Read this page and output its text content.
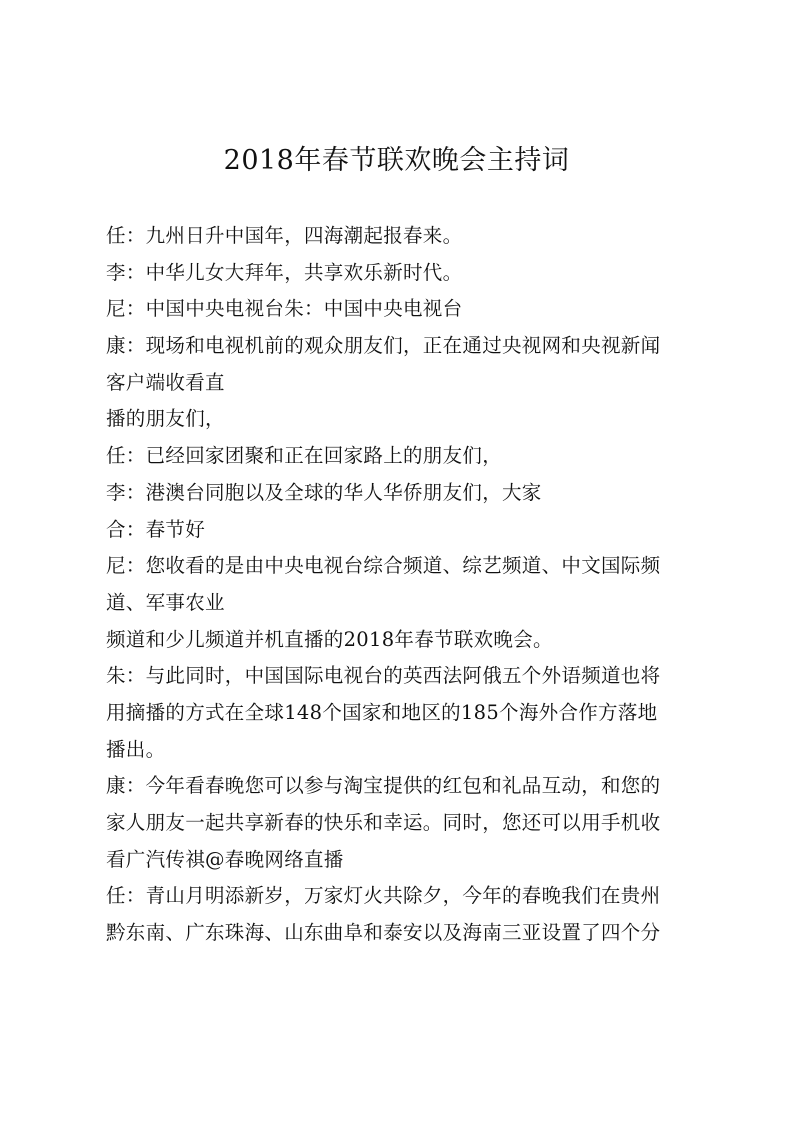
2018年春节联欢晚会主持词
任：九州日升中国年，四海潮起报春来。
李：中华儿女大拜年，共享欢乐新时代。
尼：中国中央电视台朱：中国中央电视台
康：现场和电视机前的观众朋友们，正在通过央视网和央视新闻
客户端收看直
播的朋友们，
任：已经回家团聚和正在回家路上的朋友们，
李：港澳台同胞以及全球的华人华侨朋友们，大家
合：春节好
尼：您收看的是由中央电视台综合频道、综艺频道、中文国际频
道、军事农业
频道和少儿频道并机直播的2018年春节联欢晚会。
朱：与此同时，中国国际电视台的英西法阿俄五个外语频道也将
用摘播的方式在全球148个国家和地区的185个海外合作方落地
播出。
康：今年看春晚您可以参与淘宝提供的红包和礼品互动，和您的
家人朋友一起共享新春的快乐和幸运。同时，您还可以用手机收
看广汽传祺@春晚网络直播
任：青山月明添新岁，万家灯火共除夕，今年的春晚我们在贵州
黔东南、广东珠海、山东曲阜和泰安以及海南三亚设置了四个分
